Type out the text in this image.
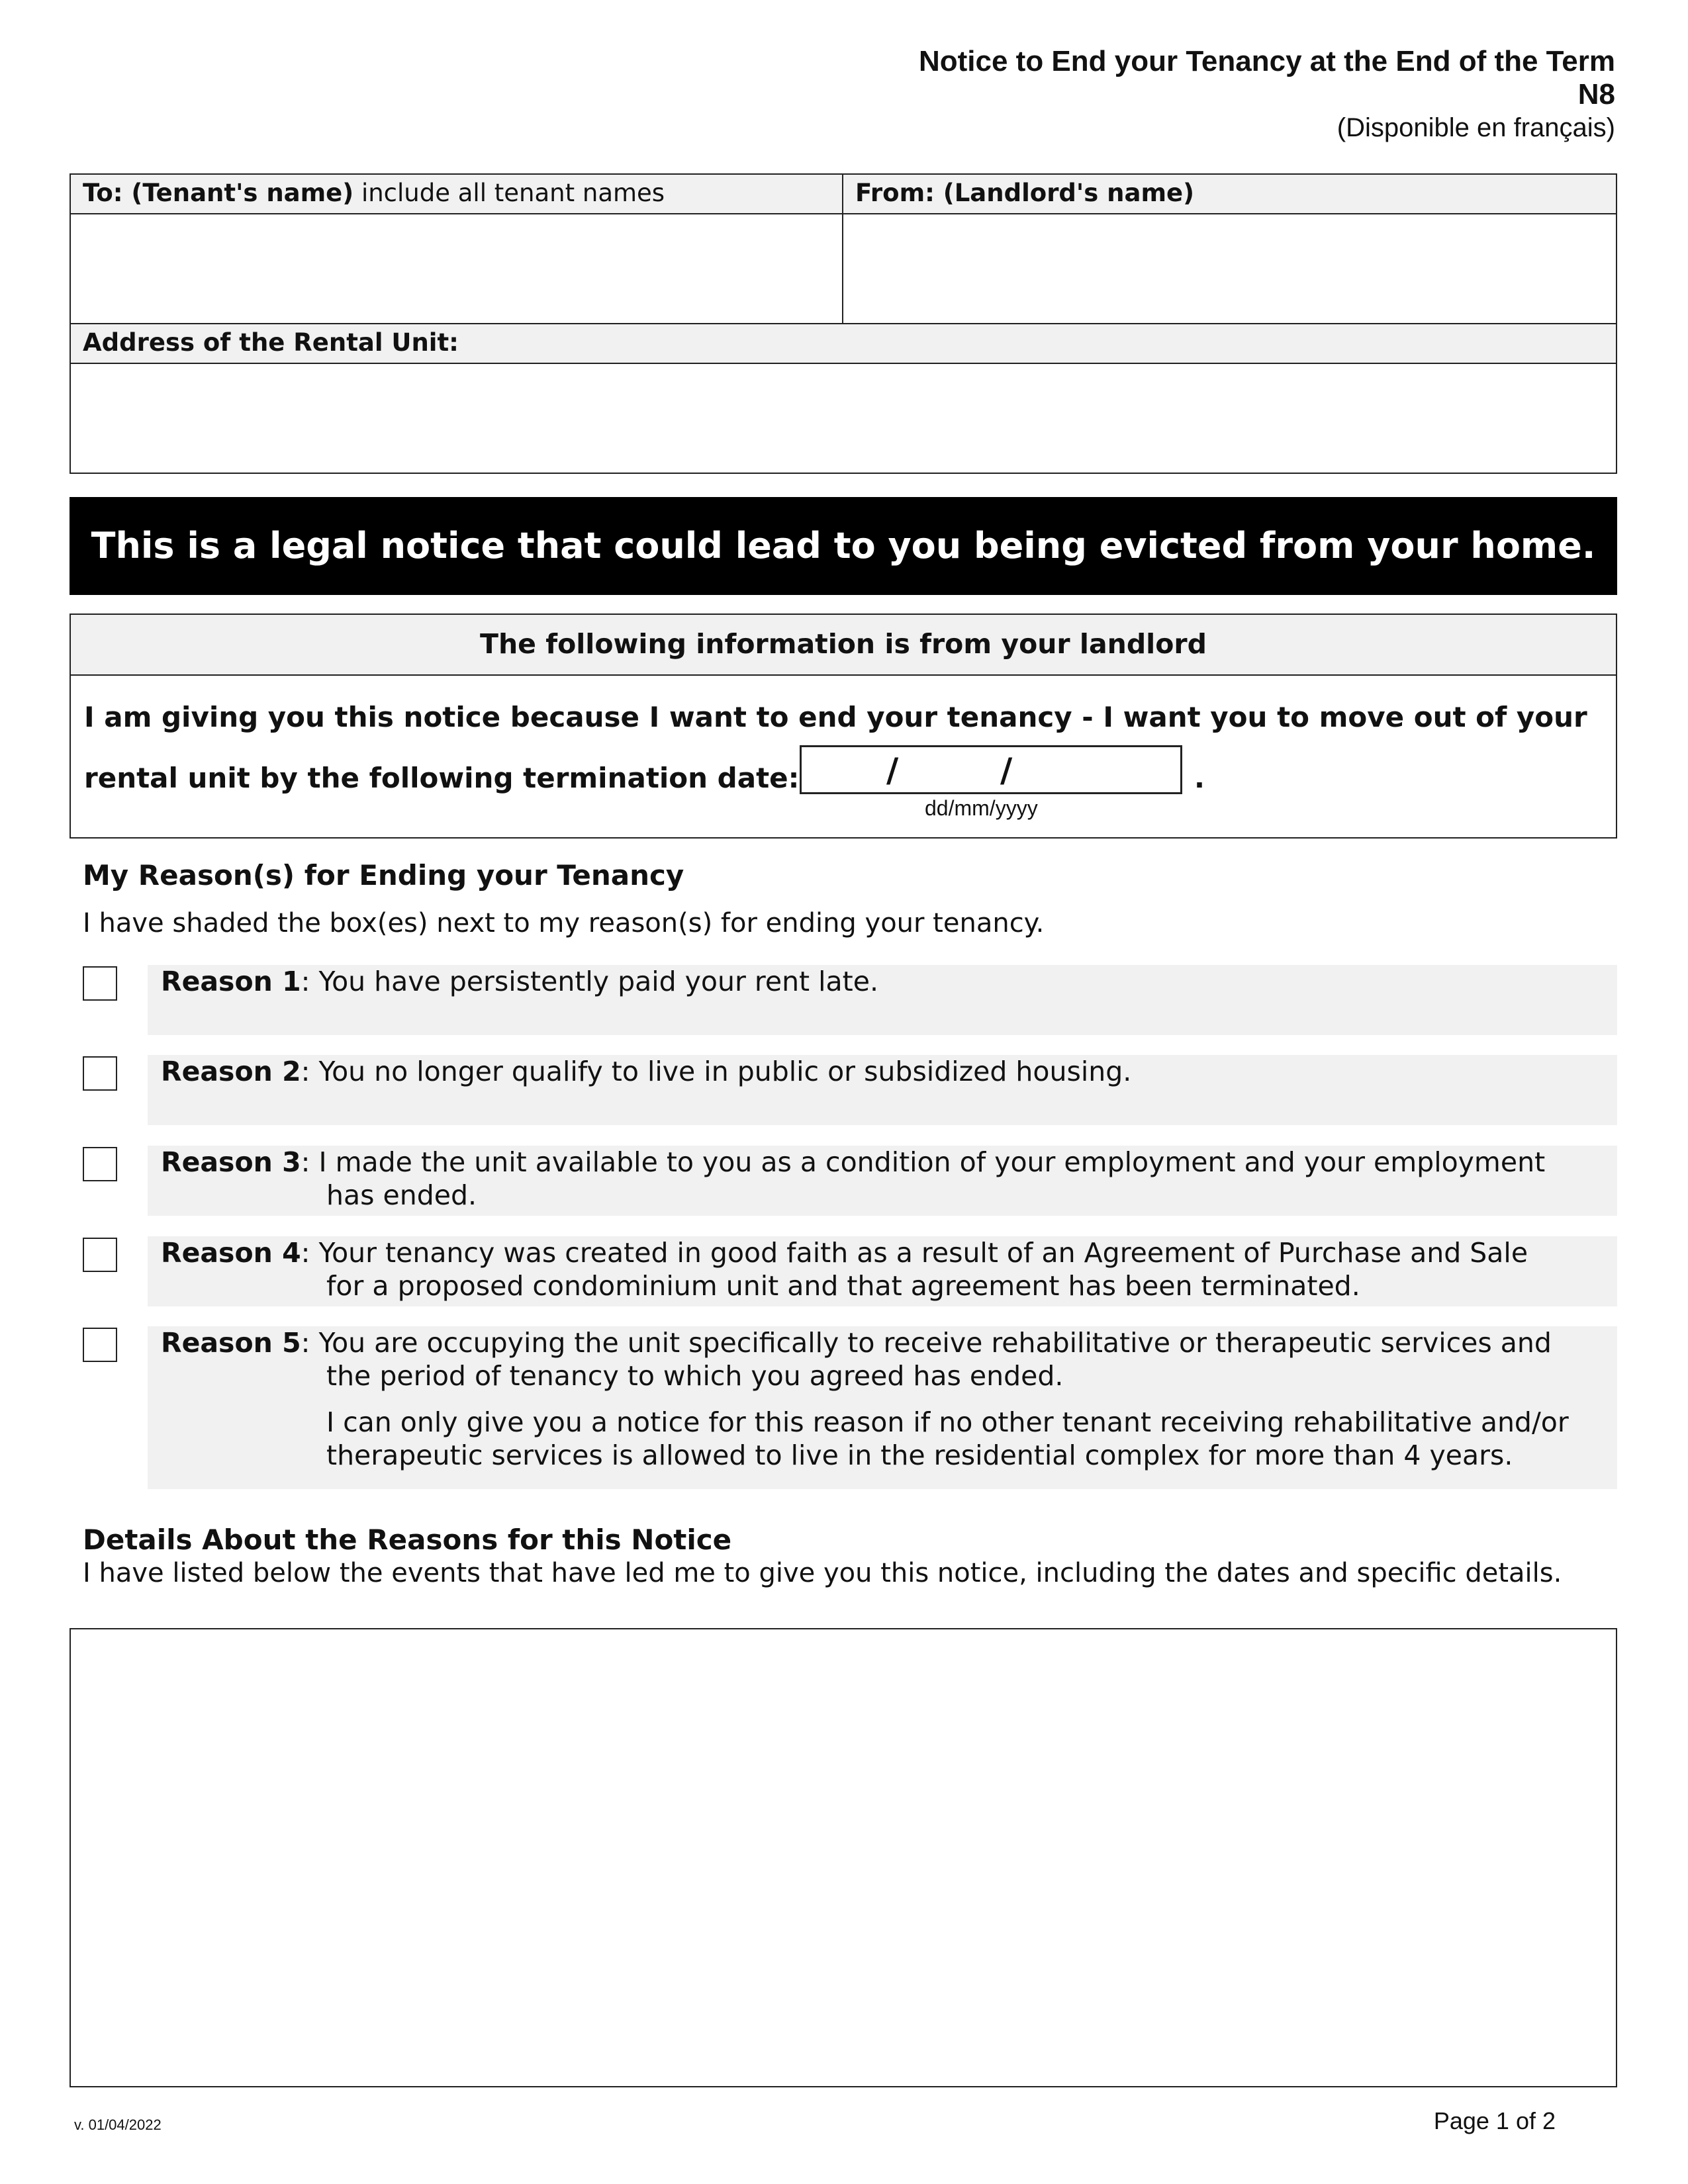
Notice to End your Tenancy at the End of the Term
N8
(Disponible en français)
To: (Tenant's name) include all tenant names	From: (Landlord's name)
Address of the Rental Unit:
This is a legal notice that could lead to you being evicted from your home.
The following information is from your landlord
I am giving you this notice because I want to end your tenancy - I want you to move out of your
rental unit by the following termination date:	/	/	.
dd/mm/yyyy
My Reason(s) for Ending your Tenancy
I have shaded the box(es) next to my reason(s) for ending your tenancy.
Reason 1: You have persistently paid your rent late.
Reason 2: You no longer qualify to live in public or subsidized housing.
Reason 3: I made the unit available to you as a condition of your employment and your employment
has ended.
Reason 4: Your tenancy was created in good faith as a result of an Agreement of Purchase and Sale
for a proposed condominium unit and that agreement has been terminated.
Reason 5: You are occupying the unit specifically to receive rehabilitative or therapeutic services and
the period of tenancy to which you agreed has ended.
I can only give you a notice for this reason if no other tenant receiving rehabilitative and/or
therapeutic services is allowed to live in the residential complex for more than 4 years.
Details About the Reasons for this Notice
I have listed below the events that have led me to give you this notice, including the dates and specific details.
v. 01/04/2022	Page 1 of 2
